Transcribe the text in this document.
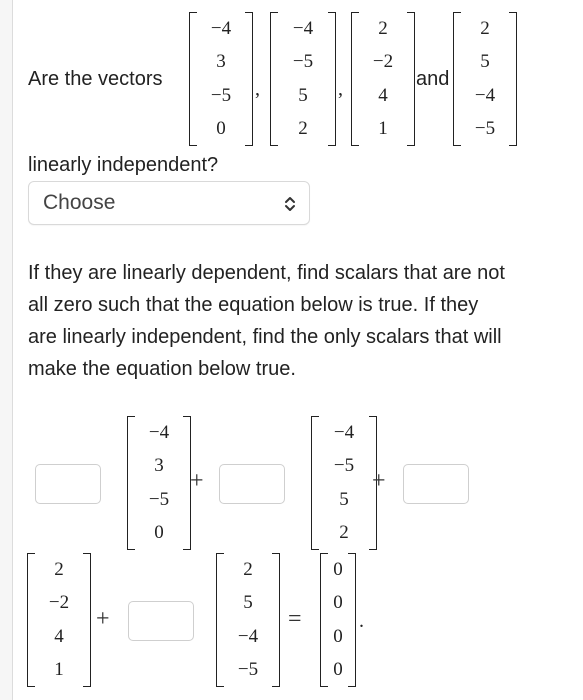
Are the vectors
−4
3
−5
0
,
−4
−5
5
2
,
2
−2
4
1
and
2
5
−4
−5
linearly independent?
Choose
If they are linearly dependent, find scalars that are not
all zero such that the equation below is true. If they
are linearly independent, find the only scalars that will
make the equation below true.
−4
3
−5
0
+
−4
−5
5
2
+
2
−2
4
1
+
2
5
−4
−5
=
0
0
0
0
.
